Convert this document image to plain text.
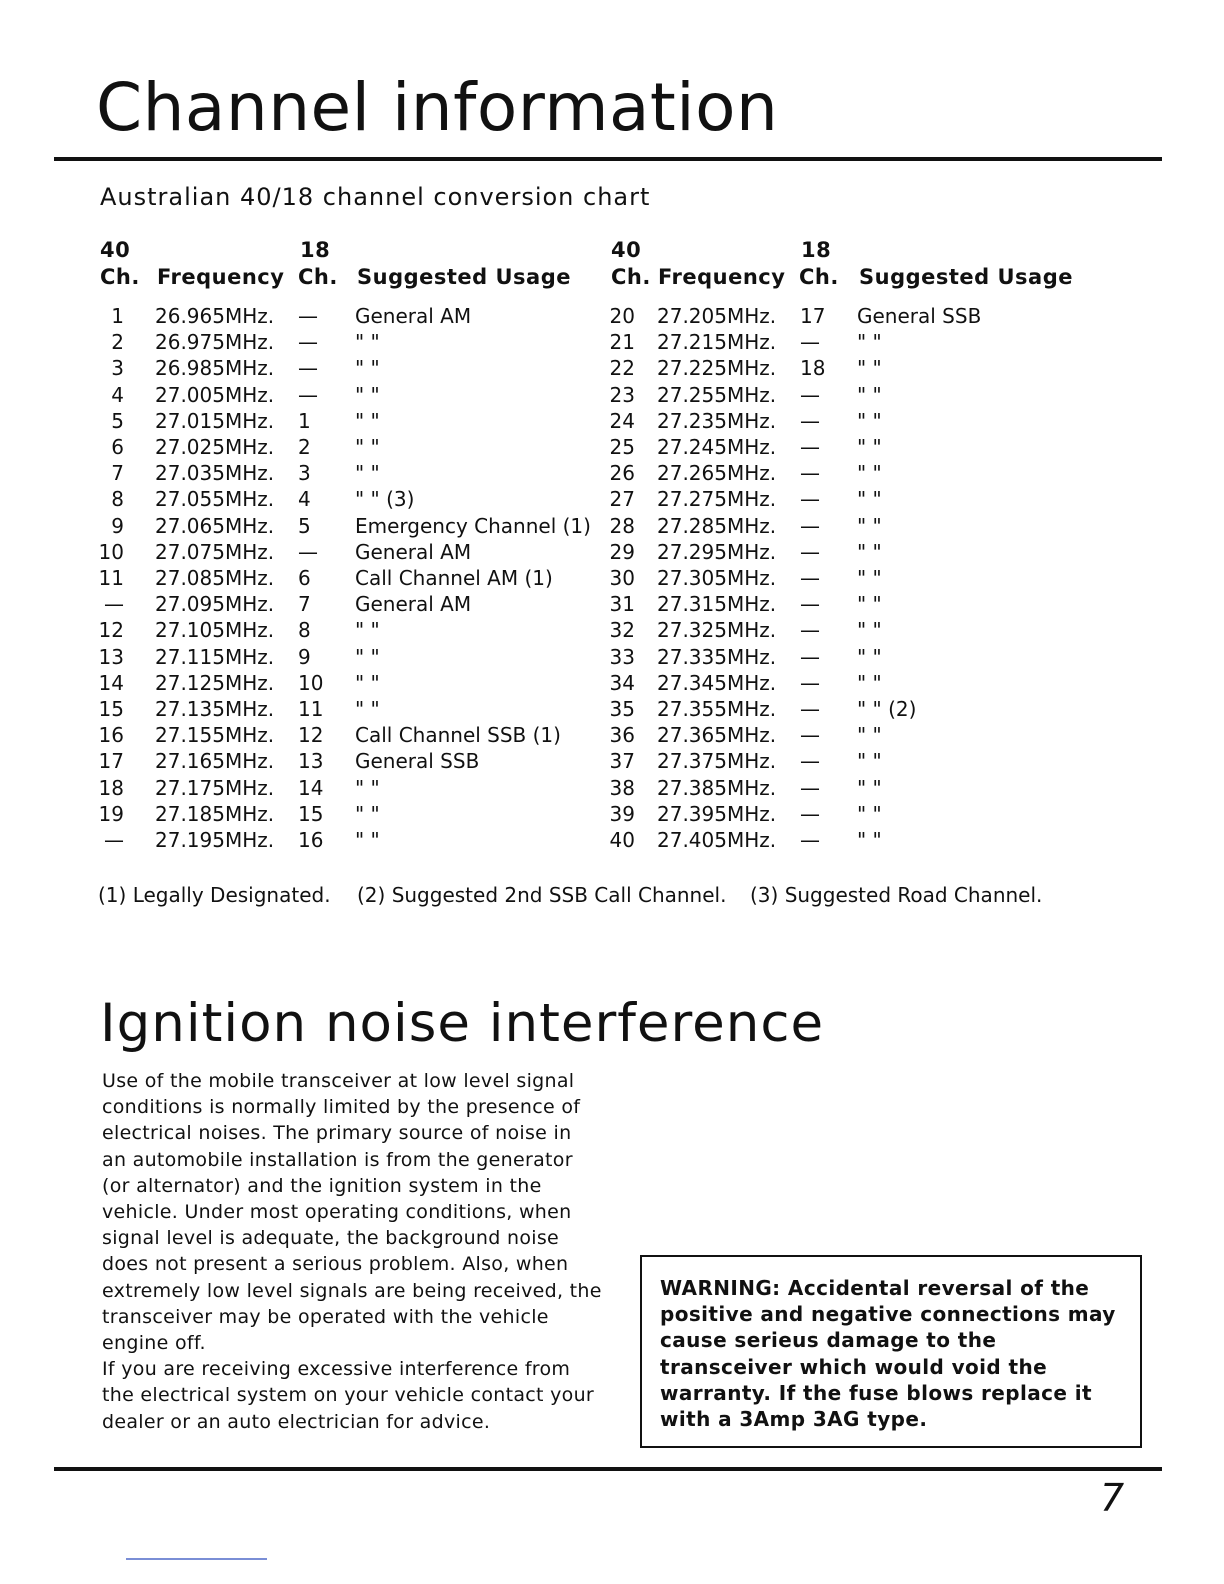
Channel information
Australian 40/18 channel conversion chart
40
Ch. Frequency
18
Ch. Suggested Usage
40
Ch. Frequency
18
Ch. Suggested Usage
1 26.965MHz. — General AM
2 26.975MHz. — " "
3 26.985MHz. — " "
4 27.005MHz. — " "
5 27.015MHz. 1 " "
6 27.025MHz. 2 " "
7 27.035MHz. 3 " "
8 27.055MHz. 4 " " (3)
9 27.065MHz. 5 Emergency Channel (1)
10 27.075MHz. — General AM
11 27.085MHz. 6 Call Channel AM (1)
— 27.095MHz. 7 General AM
12 27.105MHz. 8 " "
13 27.115MHz. 9 " "
14 27.125MHz. 10 " "
15 27.135MHz. 11 " "
16 27.155MHz. 12 Call Channel SSB (1)
17 27.165MHz. 13 General SSB
18 27.175MHz. 14 " "
19 27.185MHz. 15 " "
— 27.195MHz. 16 " "
20 27.205MHz. 17 General SSB
21 27.215MHz. — " "
22 27.225MHz. 18 " "
23 27.255MHz. — " "
24 27.235MHz. — " "
25 27.245MHz. — " "
26 27.265MHz. — " "
27 27.275MHz. — " "
28 27.285MHz. — " "
29 27.295MHz. — " "
30 27.305MHz. — " "
31 27.315MHz. — " "
32 27.325MHz. — " "
33 27.335MHz. — " "
34 27.345MHz. — " "
35 27.355MHz. — " " (2)
36 27.365MHz. — " "
37 27.375MHz. — " "
38 27.385MHz. — " "
39 27.395MHz. — " "
40 27.405MHz. — " "
(1) Legally Designated. (2) Suggested 2nd SSB Call Channel. (3) Suggested Road Channel.
Ignition noise interference

Use of the mobile transceiver at low level signal conditions is normally limited by the presence of electrical noises. The primary source of noise in an automobile installation is from the generator (or alternator) and the ignition system in the vehicle. Under most operating conditions, when signal level is adequate, the background noise does not present a serious problem. Also, when extremely low level signals are being received, the transceiver may be operated with the vehicle engine off.

If you are receiving excessive interference from the electrical system on your vehicle contact your dealer or an auto electrician for advice.

WARNING: Accidental reversal of the positive and negative connections may cause serieus damage to the transceiver which would void the warranty. If the fuse blows replace it with a 3Amp 3AG type.
7
